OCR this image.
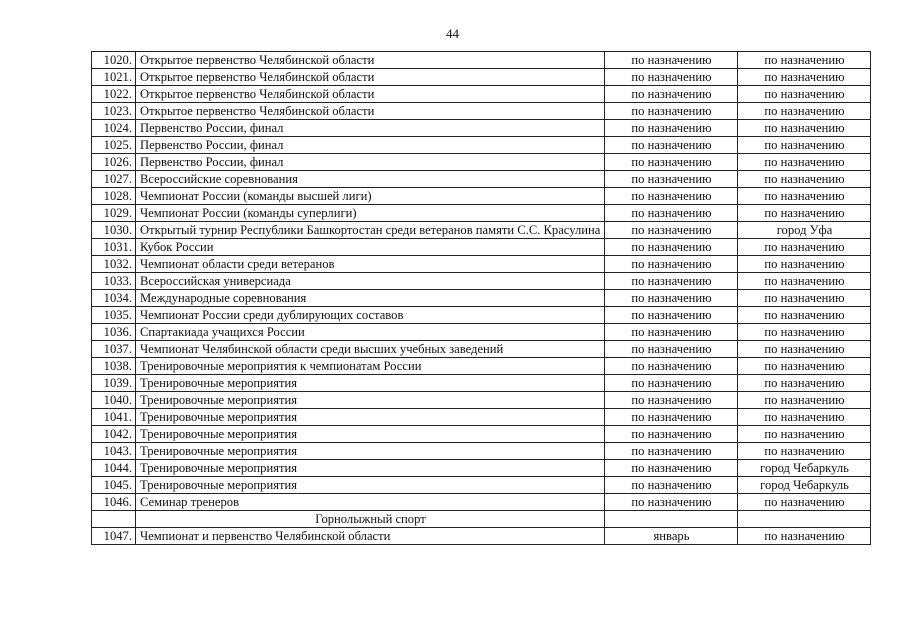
44
1020.	Открытое первенство Челябинской области	по назначению	по назначению
1021.	Открытое первенство Челябинской области	по назначению	по назначению
1022.	Открытое первенство Челябинской области	по назначению	по назначению
1023.	Открытое первенство Челябинской области	по назначению	по назначению
1024.	Первенство России, финал	по назначению	по назначению
1025.	Первенство России, финал	по назначению	по назначению
1026.	Первенство России, финал	по назначению	по назначению
1027.	Всероссийские соревнования	по назначению	по назначению
1028.	Чемпионат России (команды высшей лиги)	по назначению	по назначению
1029.	Чемпионат России (команды суперлиги)	по назначению	по назначению
1030.	Открытый турнир Республики Башкортостан среди ветеранов памяти С.С. Красулина	по назначению	город Уфа
1031.	Кубок России	по назначению	по назначению
1032.	Чемпионат области среди ветеранов	по назначению	по назначению
1033.	Всероссийская универсиада	по назначению	по назначению
1034.	Международные соревнования	по назначению	по назначению
1035.	Чемпионат России среди дублирующих составов	по назначению	по назначению
1036.	Спартакиада учащихся России	по назначению	по назначению
1037.	Чемпионат Челябинской области среди высших учебных заведений	по назначению	по назначению
1038.	Тренировочные мероприятия к чемпионатам России	по назначению	по назначению
1039.	Тренировочные мероприятия	по назначению	по назначению
1040.	Тренировочные мероприятия	по назначению	по назначению
1041.	Тренировочные мероприятия	по назначению	по назначению
1042.	Тренировочные мероприятия	по назначению	по назначению
1043.	Тренировочные мероприятия	по назначению	по назначению
1044.	Тренировочные мероприятия	по назначению	город Чебаркуль
1045.	Тренировочные мероприятия	по назначению	город Чебаркуль
1046.	Семинар тренеров	по назначению	по назначению
	Горнолыжный спорт		
1047.	Чемпионат и первенство Челябинской области	январь	по назначению
